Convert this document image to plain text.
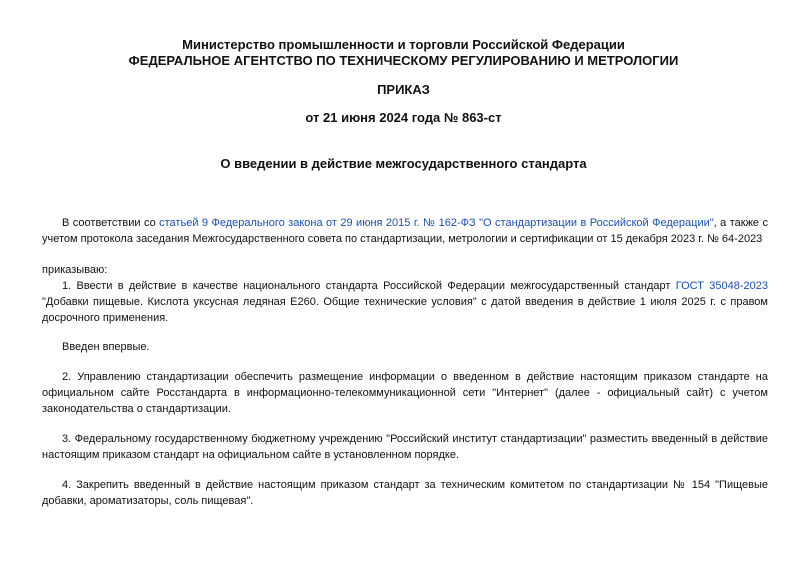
Министерство промышленности и торговли Российской Федерации
ФЕДЕРАЛЬНОЕ АГЕНТСТВО ПО ТЕХНИЧЕСКОМУ РЕГУЛИРОВАНИЮ И МЕТРОЛОГИИ
ПРИКАЗ
от 21 июня 2024 года № 863-ст
О введении в действие межгосударственного стандарта
В соответствии со статьей 9 Федерального закона от 29 июня 2015 г. № 162-ФЗ "О стандартизации в Российской Федерации", а также с учетом протокола заседания Межгосударственного совета по стандартизации, метрологии и сертификации от 15 декабря 2023 г. № 64-2023
приказываю:
1. Ввести в действие в качестве национального стандарта Российской Федерации межгосударственный стандарт ГОСТ 35048-2023 "Добавки пищевые. Кислота уксусная ледяная Е260. Общие технические условия" с датой введения в действие 1 июля 2025 г. с правом досрочного применения.
Введен впервые.
2. Управлению стандартизации обеспечить размещение информации о введенном в действие настоящим приказом стандарте на официальном сайте Росстандарта в информационно-телекоммуникационной сети "Интернет" (далее - официальный сайт) с учетом законодательства о стандартизации.
3. Федеральному государственному бюджетному учреждению "Российский институт стандартизации" разместить введенный в действие настоящим приказом стандарт на официальном сайте в установленном порядке.
4. Закрепить введенный в действие настоящим приказом стандарт за техническим комитетом по стандартизации № 154 "Пищевые добавки, ароматизаторы, соль пищевая".
